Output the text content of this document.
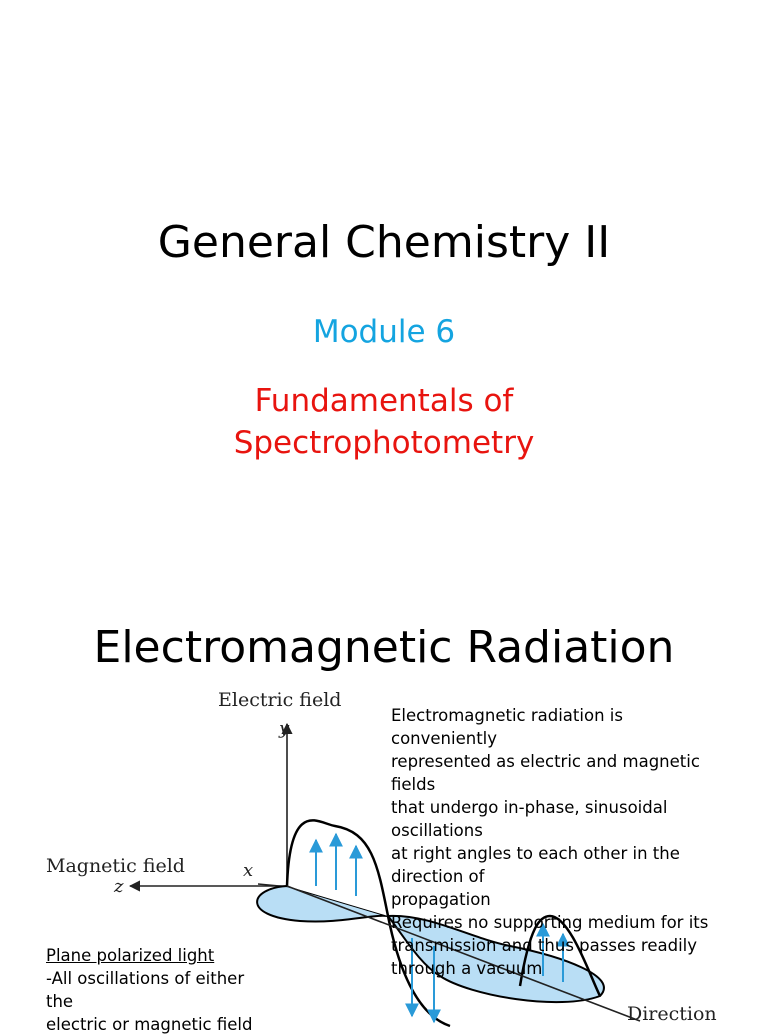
General Chemistry II
Module 6
Fundamentals of
Spectrophotometry
Electromagnetic Radiation
Electric field
y
Magnetic field	x
z
Direction
Electromagnetic radiation is
conveniently
represented as electric and magnetic
fields
that undergo in-phase, sinusoidal
oscillations
at right angles to each other in the
direction of
propagation
Requires no supporting medium for its
transmission and thus passes readily
through a vacuum
Plane polarized light
-All oscillations of either
the
electric or magnetic field
